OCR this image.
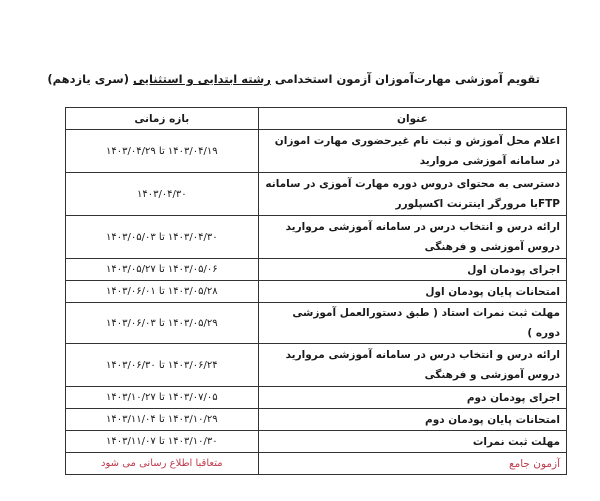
تقویم آموزشی مهارت‌آموزان آزمون استخدامی رشته ابتدایی و استثنایی (سری یازدهم)
عنوان	بازه زمانی
اعلام محل آموزش و ثبت نام غیرحضوری مهارت اموزان در سامانه آموزشی مروارید	۱۴۰۳/۰۴/۱۹ تا ۱۴۰۳/۰۴/۲۹
دسترسی به محتوای دروس دوره مهارت آموزی در سامانه FTPبا مرورگر اینترنت اکسپلورر	۱۴۰۳/۰۴/۳۰
ارائه درس و انتخاب درس در سامانه آموزشی مروارید دروس آموزشی و فرهنگی	۱۴۰۳/۰۴/۳۰ تا ۱۴۰۳/۰۵/۰۳
اجرای پودمان اول	۱۴۰۳/۰۵/۰۶ تا ۱۴۰۳/۰۵/۲۷
امتحانات پایان پودمان اول	۱۴۰۳/۰۵/۲۸ تا ۱۴۰۳/۰۶/۰۱
مهلت ثبت نمرات استاد ( طبق دستورالعمل آموزشی دوره )	۱۴۰۳/۰۵/۲۹ تا ۱۴۰۳/۰۶/۰۳
ارائه درس و انتخاب درس در سامانه آموزشی مروارید دروس آموزشی و فرهنگی	۱۴۰۳/۰۶/۲۴ تا ۱۴۰۳/۰۶/۳۰
اجرای پودمان دوم	۱۴۰۳/۰۷/۰۵ تا ۱۴۰۳/۱۰/۲۷
امتحانات پایان پودمان دوم	۱۴۰۳/۱۰/۲۹ تا ۱۴۰۳/۱۱/۰۴
مهلت ثبت نمرات	۱۴۰۳/۱۰/۳۰ تا ۱۴۰۳/۱۱/۰۷
آزمون جامع	متعاقبا اطلاع رسانی می شود
